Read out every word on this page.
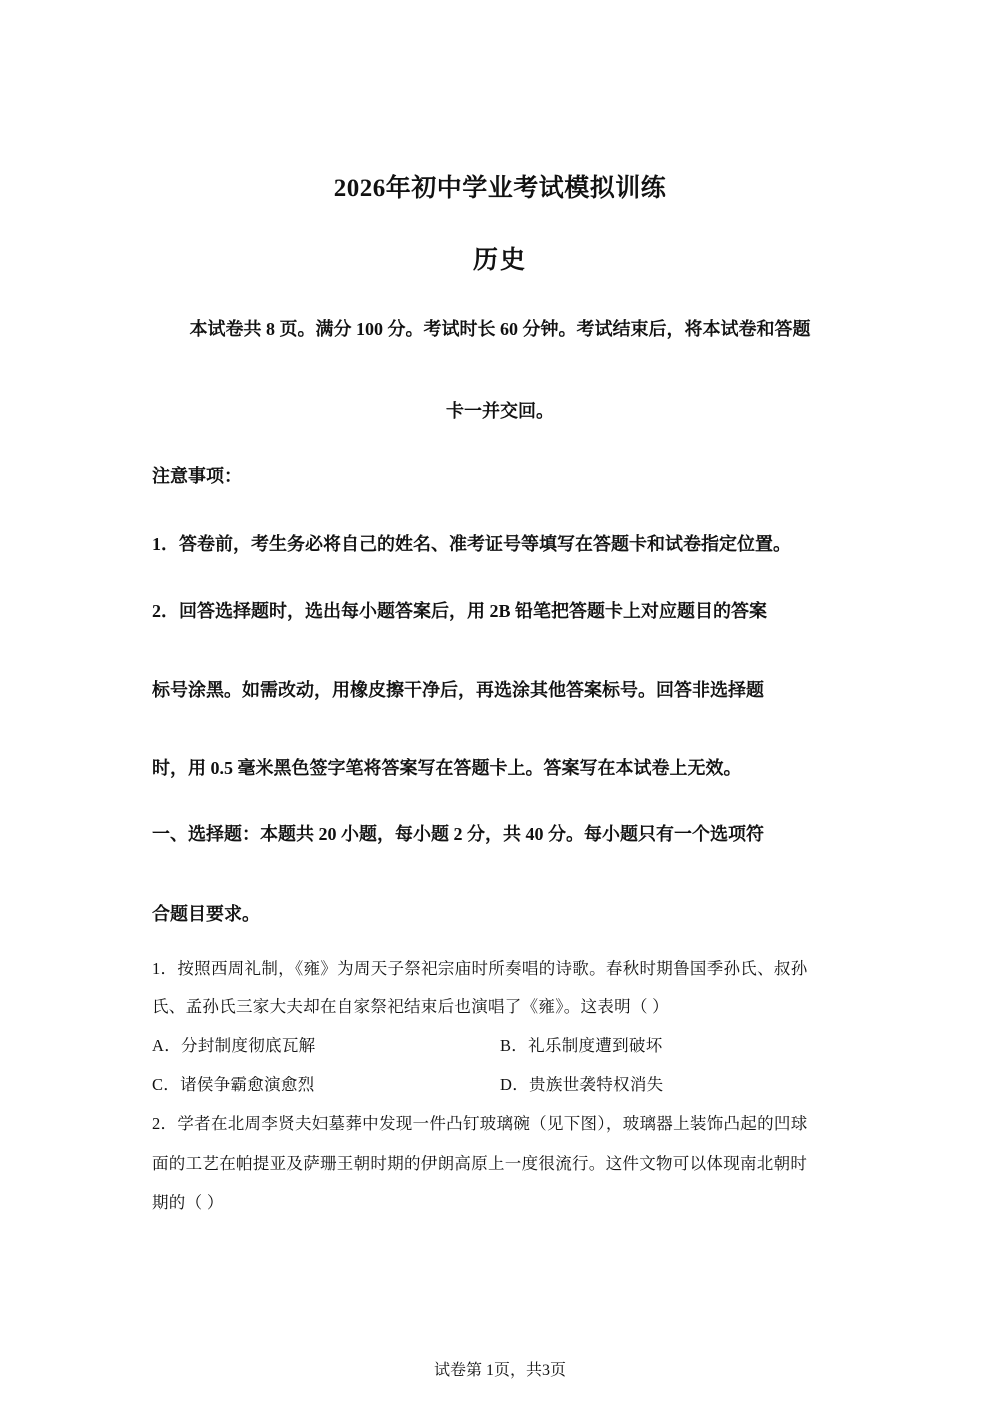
2026年初中学业考试模拟训练
历史
本试卷共 8 页。满分 100 分。考试时长 60 分钟。考试结束后，将本试卷和答题
卡一并交回。
注意事项：
1．答卷前，考生务必将自己的姓名、准考证号等填写在答题卡和试卷指定位置。
2．回答选择题时，选出每小题答案后，用 2B 铅笔把答题卡上对应题目的答案
标号涂黑。如需改动，用橡皮擦干净后，再选涂其他答案标号。回答非选择题
时，用 0.5 毫米黑色签字笔将答案写在答题卡上。答案写在本试卷上无效。
一、选择题：本题共 20 小题，每小题 2 分，共 40 分。每小题只有一个选项符
合题目要求。
1．按照西周礼制，《雍》为周天子祭祀宗庙时所奏唱的诗歌。春秋时期鲁国季孙氏、叔孙
氏、孟孙氏三家大夫却在自家祭祀结束后也演唱了《雍》。这表明（ ）
A．分封制度彻底瓦解	B．礼乐制度遭到破坏
C．诸侯争霸愈演愈烈	D．贵族世袭特权消失
2．学者在北周李贤夫妇墓葬中发现一件凸钉玻璃碗（见下图），玻璃器上装饰凸起的凹球
面的工艺在帕提亚及萨珊王朝时期的伊朗高原上一度很流行。这件文物可以体现南北朝时
期的（ ）
试卷第 1页，共3页
